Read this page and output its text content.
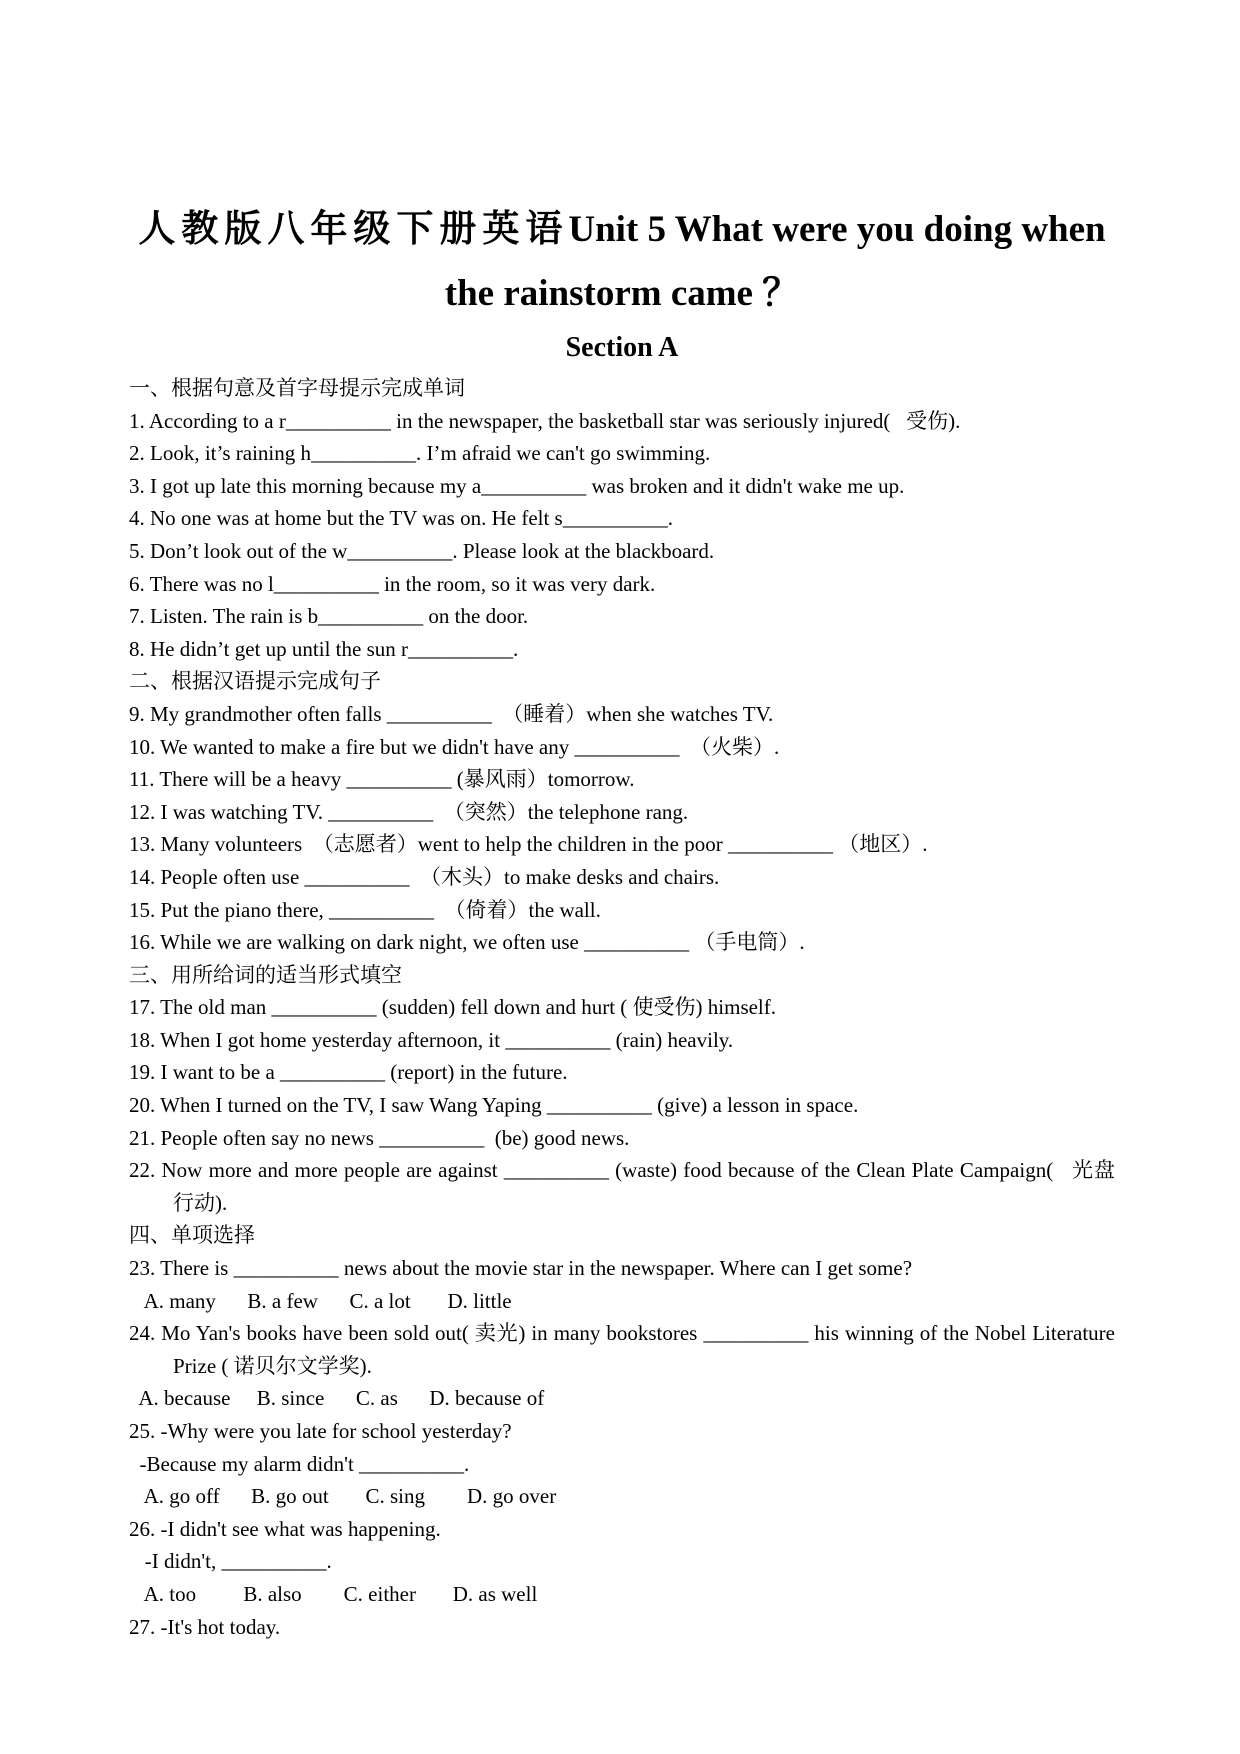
人教版八年级下册英语Unit 5 What were you doing when
the rainstorm came ？
Section A

一、根据句意及首字母提示完成单词

1. According to a r__________ in the newspaper, the basketball star was seriously injured(   受伤).

2. Look, it’s raining h__________. I’m afraid we can't go swimming.

3. I got up late this morning because my a__________ was broken and it didn't wake me up.

4. No one was at home but the TV was on. He felt s__________.

5. Don’t look out of the w__________. Please look at the blackboard.

6. There was no l__________ in the room, so it was very dark.

7. Listen. The rain is b__________ on the door.

8. He didn’t get up until the sun r__________.

二、根据汉语提示完成句子

9. My grandmother often falls __________  （睡着）when she watches TV.

10. We wanted to make a fire but we didn't have any __________  （火柴）.

11. There will be a heavy __________ (暴风雨）tomorrow.

12. I was watching TV. __________  （突然）the telephone rang.

13. Many volunteers  （志愿者）went to help the children in the poor __________ （地区）.

14. People often use __________  （木头）to make desks and chairs.

15. Put the piano there, __________  （倚着）the wall.

16. While we are walking on dark night, we often use __________ （手电筒）.

三、用所给词的适当形式填空

17. The old man __________ (sudden) fell down and hurt ( 使受伤) himself.

18. When I got home yesterday afternoon, it __________ (rain) heavily.

19. I want to be a __________ (report) in the future.

20. When I turned on the TV, I saw Wang Yaping __________ (give) a lesson in space.

21. People often say no news __________  (be) good news.

22. Now more and more people are against __________ (waste) food because of the Clean Plate Campaign(   光盘行动).

四、单项选择

23. There is __________ news about the movie star in the newspaper. Where can I get some?

A. many      B. a few      C. a lot       D. little

24. Mo Yan's books have been sold out( 卖光) in many bookstores __________ his winning of the Nobel Literature Prize ( 诺贝尔文学奖).

A. because     B. since      C. as      D. because of

25. -Why were you late for school yesterday?

-Because my alarm didn't __________.

A. go off      B. go out       C. sing        D. go over

26. -I didn't see what was happening.

-I didn't, __________.

A. too         B. also        C. either       D. as well

27. -It's hot today.
